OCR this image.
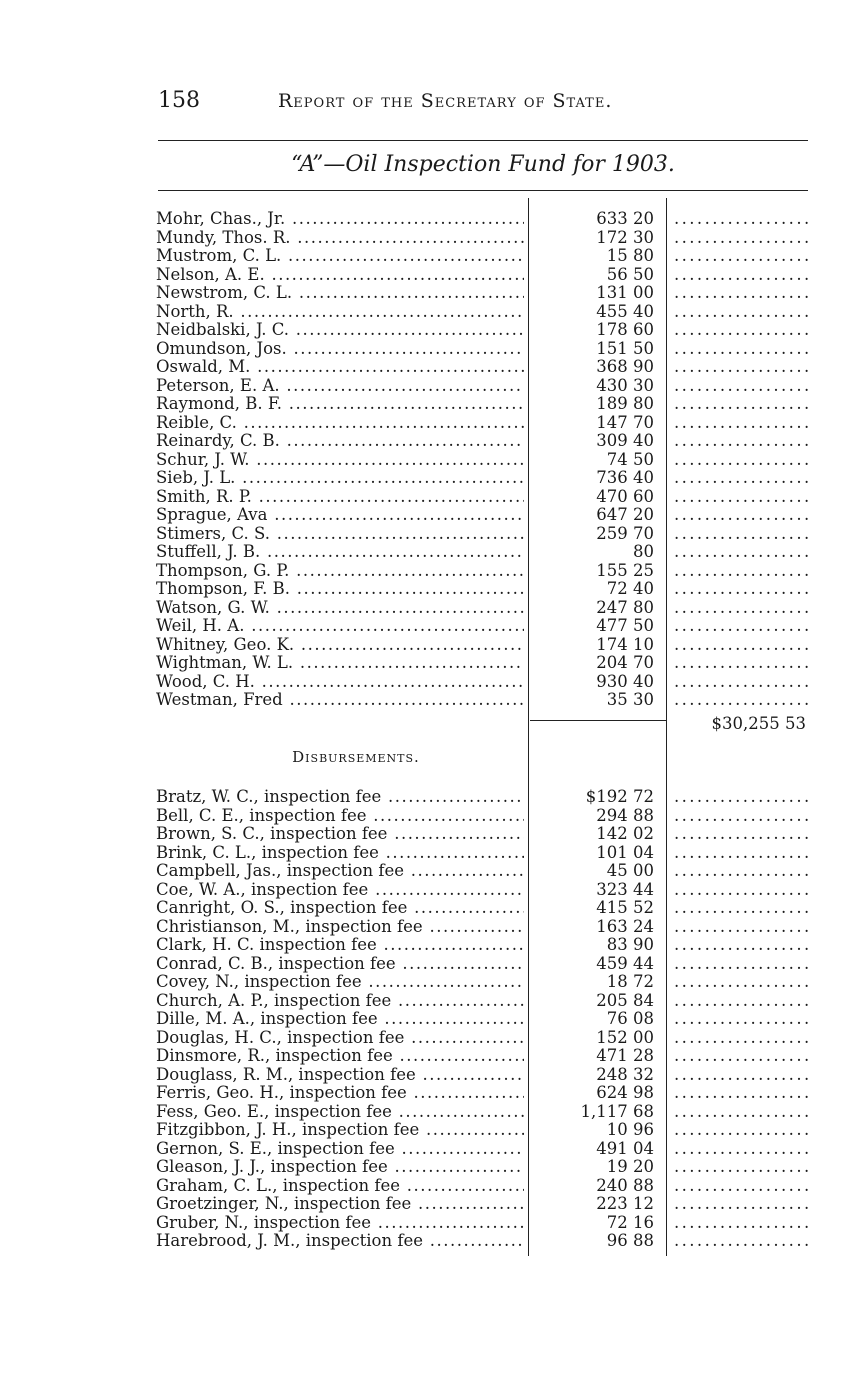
158	Report of the Secretary of State.
“A”—Oil Inspection Fund for 1903.
Mohr, Chas., Jr. .....	633 20
.....
Mundy, Thos. R. .....	172 30
.....
Mustrom, C. L. .....	15 80
.....
Nelson, A. E. .....	56 50
.....
Newstrom, C. L. .....	131 00
.....
North, R. .....	455 40
.....
Neidbalski, J. C. .....	178 60
.....
Omundson, Jos. .....	151 50
.....
Oswald, M. .....	368 90
.....
Peterson, E. A. .....	430 30
.....
Raymond, B. F. .....	189 80
.....
Reible, C. .....	147 70
.....
Reinardy, C. B. .....	309 40
.....
Schur, J. W. .....	74 50
.....
Sieb, J. L. .....	736 40
.....
Smith, R. P. .....	470 60
.....
Sprague, Ava .....	647 20
.....
Stimers, C. S. .....	259 70
.....
Stuffell, J. B. .....	80
.....
Thompson, G. P. .....	155 25
.....
Thompson, F. B. .....	72 40
.....
Watson, G. W. .....	247 80
.....
Weil, H. A. .....	477 50
.....
Whitney, Geo. K. .....	174 10
.....
Wightman, W. L. .....	204 70
.....
Wood, C. H. .....	930 40
.....
Westman, Fred .....	35 30
.....
$30,255 53
Disbursements.
Bratz, W. C., inspection fee .....	$192 72
.....
Bell, C. E., inspection fee .....	294 88
.....
Brown, S. C., inspection fee .....	142 02
.....
Brink, C. L., inspection fee .....	101 04
.....
Campbell, Jas., inspection fee .....	45 00
.....
Coe, W. A., inspection fee .....	323 44
.....
Canright, O. S., inspection fee .....	415 52
.....
Christianson, M., inspection fee .....	163 24
.....
Clark, H. C. inspection fee .....	83 90
.....
Conrad, C. B., inspection fee .....	459 44
.....
Covey, N., inspection fee .....	18 72
.....
Church, A. P., inspection fee .....	205 84
.....
Dille, M. A., inspection fee .....	76 08
.....
Douglas, H. C., inspection fee .....	152 00
.....
Dinsmore, R., inspection fee .....	471 28
.....
Douglass, R. M., inspection fee .....	248 32
.....
Ferris, Geo. H., inspection fee .....	624 98
.....
Fess, Geo. E., inspection fee .....	1,117 68
.....
Fitzgibbon, J. H., inspection fee .....	10 96
.....
Gernon, S. E., inspection fee .....	491 04
.....
Gleason, J. J., inspection fee .....	19 20
.....
Graham, C. L., inspection fee .....	240 88
.....
Groetzinger, N., inspection fee .....	223 12
.....
Gruber, N., inspection fee .....	72 16
.....
Harebrood, J. M., inspection fee .....	96 88
.....
